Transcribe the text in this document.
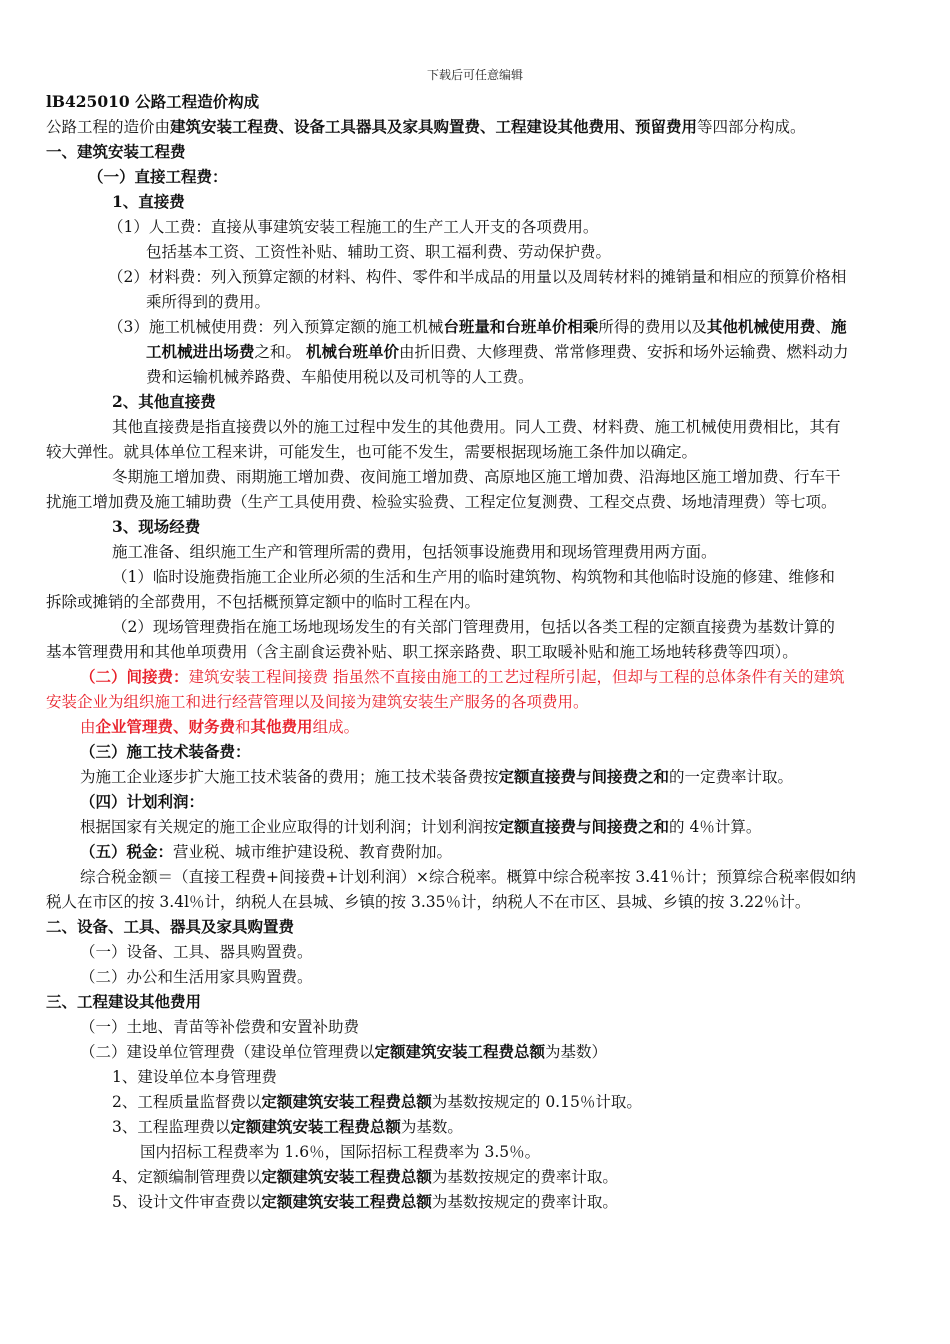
下载后可任意编辑
lB425010 公路工程造价构成
公路工程的造价由建筑安装工程费、设备工具器具及家具购置费、工程建设其他费用、预留费用等四部分构成。
一、建筑安装工程费
（一）直接工程费：
1、直接费
（1）人工费：直接从事建筑安装工程施工的生产工人开支的各项费用。
包括基本工资、工资性补贴、辅助工资、职工福利费、劳动保护费。
（2）材料费：列入预算定额的材料、构件、零件和半成品的用量以及周转材料的摊销量和相应的预算价格相
乘所得到的费用。
（3）施工机械使用费：列入预算定额的施工机械台班量和台班单价相乘所得的费用以及其他机械使用费、施
工机械进出场费之和。 机械台班单价由折旧费、大修理费、常常修理费、安拆和场外运输费、燃料动力
费和运输机械养路费、车船使用税以及司机等的人工费。
2、其他直接费
其他直接费是指直接费以外的施工过程中发生的其他费用。同人工费、材料费、施工机械使用费相比，其有
较大弹性。就具体单位工程来讲，可能发生，也可能不发生，需要根据现场施工条件加以确定。
冬期施工增加费、雨期施工增加费、夜间施工增加费、高原地区施工增加费、沿海地区施工增加费、行车干
扰施工增加费及施工辅助费（生产工具使用费、检验实验费、工程定位复测费、工程交点费、场地清理费）等七项。
3、现场经费
施工准备、组织施工生产和管理所需的费用，包括领事设施费用和现场管理费用两方面。
（1）临时设施费指施工企业所必须的生活和生产用的临时建筑物、构筑物和其他临时设施的修建、维修和
拆除或摊销的全部费用，不包括概预算定额中的临时工程在内。
（2）现场管理费指在施工场地现场发生的有关部门管理费用，包括以各类工程的定额直接费为基数计算的
基本管理费用和其他单项费用（含主副食运费补贴、职工探亲路费、职工取暖补贴和施工场地转移费等四项）。
（二）间接费：建筑安装工程间接费 指虽然不直接由施工的工艺过程所引起，但却与工程的总体条件有关的建筑
安装企业为组织施工和进行经营管理以及间接为建筑安装生产服务的各项费用。
由企业管理费、财务费和其他费用组成。
（三）施工技术装备费：
为施工企业逐步扩大施工技术装备的费用；施工技术装备费按定额直接费与间接费之和的一定费率计取。
（四）计划利润：
根据国家有关规定的施工企业应取得的计划利润；计划利润按定额直接费与间接费之和的 4％计算。
（五）税金：营业税、城市维护建设税、教育费附加。
综合税金额＝（直接工程费+间接费+计划利润）×综合税率。概算中综合税率按 3.41％计；预算综合税率假如纳
税人在市区的按 3.4l％计，纳税人在县城、乡镇的按 3.35％计，纳税人不在市区、县城、乡镇的按 3.22％计。
二、设备、工具、器具及家具购置费
（一）设备、工具、器具购置费。
（二）办公和生活用家具购置费。
三、工程建设其他费用
（一）土地、青苗等补偿费和安置补助费
（二）建设单位管理费（建设单位管理费以定额建筑安装工程费总额为基数）
1、建设单位本身管理费
2、工程质量监督费以定额建筑安装工程费总额为基数按规定的 0.15％计取。
3、工程监理费以定额建筑安装工程费总额为基数。
国内招标工程费率为 1.6％，国际招标工程费率为 3.5％。
4、定额编制管理费以定额建筑安装工程费总额为基数按规定的费率计取。
5、设计文件审查费以定额建筑安装工程费总额为基数按规定的费率计取。
